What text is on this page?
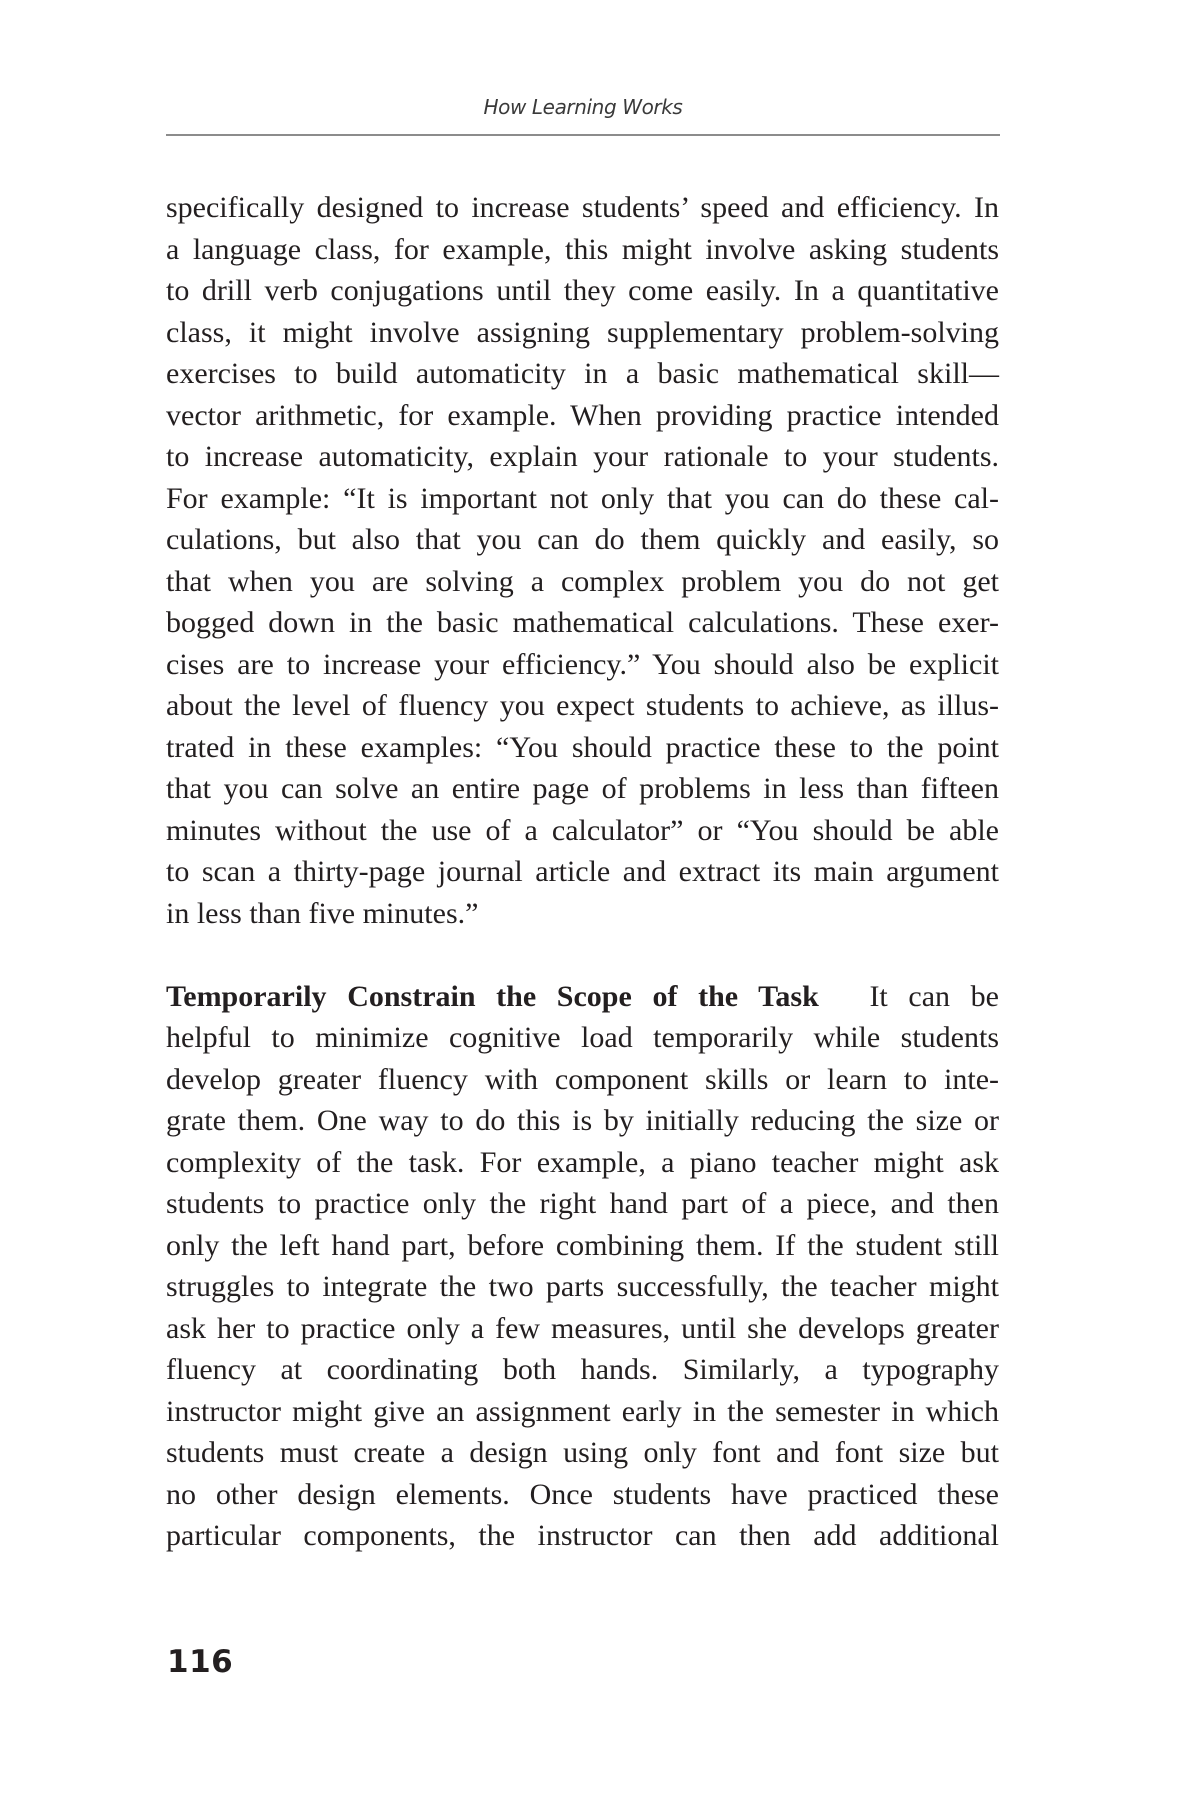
How Learning Works
specifically designed to increase students’ speed and efficiency. In
a language class, for example, this might involve asking students
to drill verb conjugations until they come easily. In a quantitative
class, it might involve assigning supplementary problem-solving
exercises to build automaticity in a basic mathematical skill—
vector arithmetic, for example. When providing practice intended
to increase automaticity, explain your rationale to your students.
For example: “It is important not only that you can do these cal-
culations, but also that you can do them quickly and easily, so
that when you are solving a complex problem you do not get
bogged down in the basic mathematical calculations. These exer-
cises are to increase your efficiency.” You should also be explicit
about the level of fluency you expect students to achieve, as illus-
trated in these examples: “You should practice these to the point
that you can solve an entire page of problems in less than fifteen
minutes without the use of a calculator” or “You should be able
to scan a thirty-page journal article and extract its main argument
in less than five minutes.”
Temporarily Constrain the Scope of the Task  It can be
helpful to minimize cognitive load temporarily while students
develop greater fluency with component skills or learn to inte-
grate them. One way to do this is by initially reducing the size or
complexity of the task. For example, a piano teacher might ask
students to practice only the right hand part of a piece, and then
only the left hand part, before combining them. If the student still
struggles to integrate the two parts successfully, the teacher might
ask her to practice only a few measures, until she develops greater
fluency at coordinating both hands. Similarly, a typography
instructor might give an assignment early in the semester in which
students must create a design using only font and font size but
no other design elements. Once students have practiced these
particular components, the instructor can then add additional
116
